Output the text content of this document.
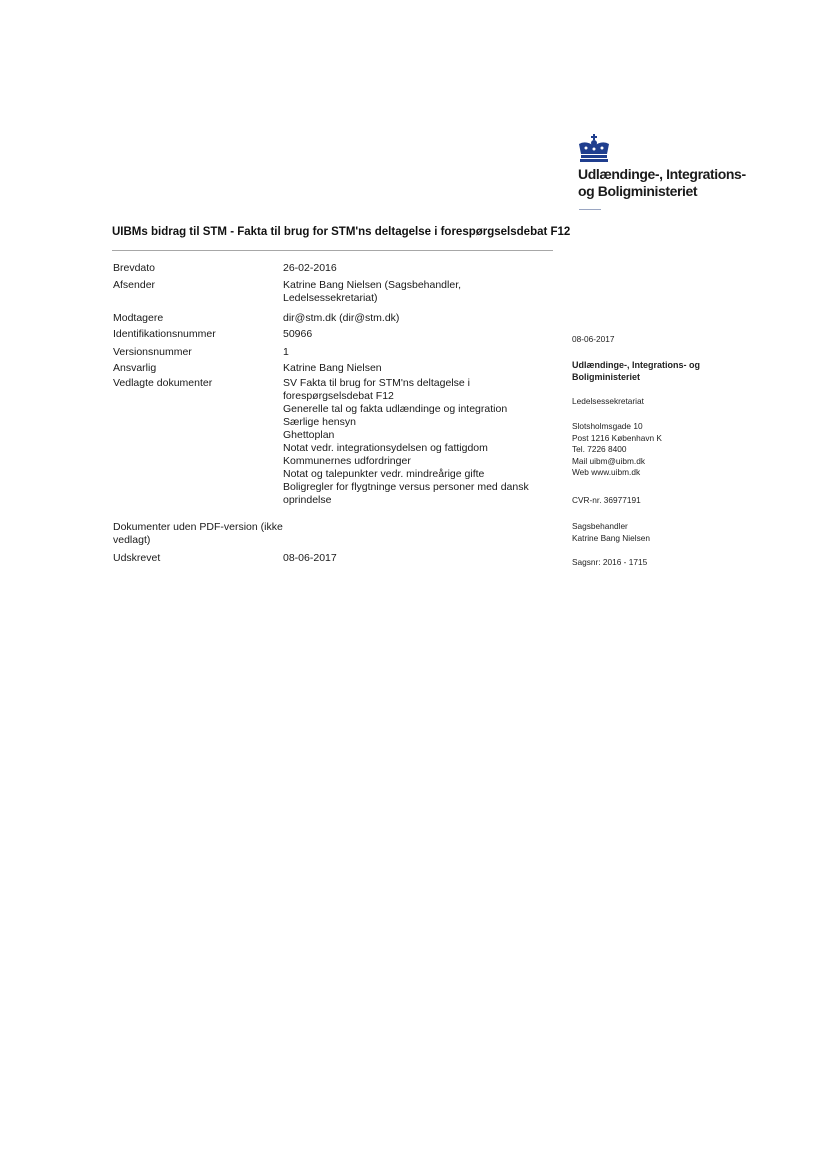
Udlændinge-, Integrations-
og Boligministeriet
UIBMs bidrag til STM - Fakta til brug for STM'ns deltagelse i forespørgselsdebat F12
Brevdato	26-02-2016
Afsender	Katrine Bang Nielsen (Sagsbehandler,
Ledelsessekretariat)
Modtagere	dir@stm.dk (dir@stm.dk)
Identifikationsnummer	50966
Versionsnummer	1
Ansvarlig	Katrine Bang Nielsen
Vedlagte dokumenter	SV Fakta til brug for STM'ns deltagelse i
forespørgselsdebat F12
Generelle tal og fakta udlændinge og integration
Særlige hensyn
Ghettoplan
Notat vedr. integrationsydelsen og fattigdom
Kommunernes udfordringer
Notat og talepunkter vedr. mindreårige gifte
Boligregler for flygtninge versus personer med dansk
oprindelse
Dokumenter uden PDF-version (ikke
vedlagt)
Udskrevet	08-06-2017
08-06-2017
Udlændinge-, Integrations- og
Boligministeriet
Ledelsessekretariat
Slotsholmsgade 10
Post 1216 København K
Tel. 7226 8400
Mail uibm@uibm.dk
Web www.uibm.dk
CVR-nr. 36977191
Sagsbehandler
Katrine Bang Nielsen
Sagsnr: 2016 - 1715
